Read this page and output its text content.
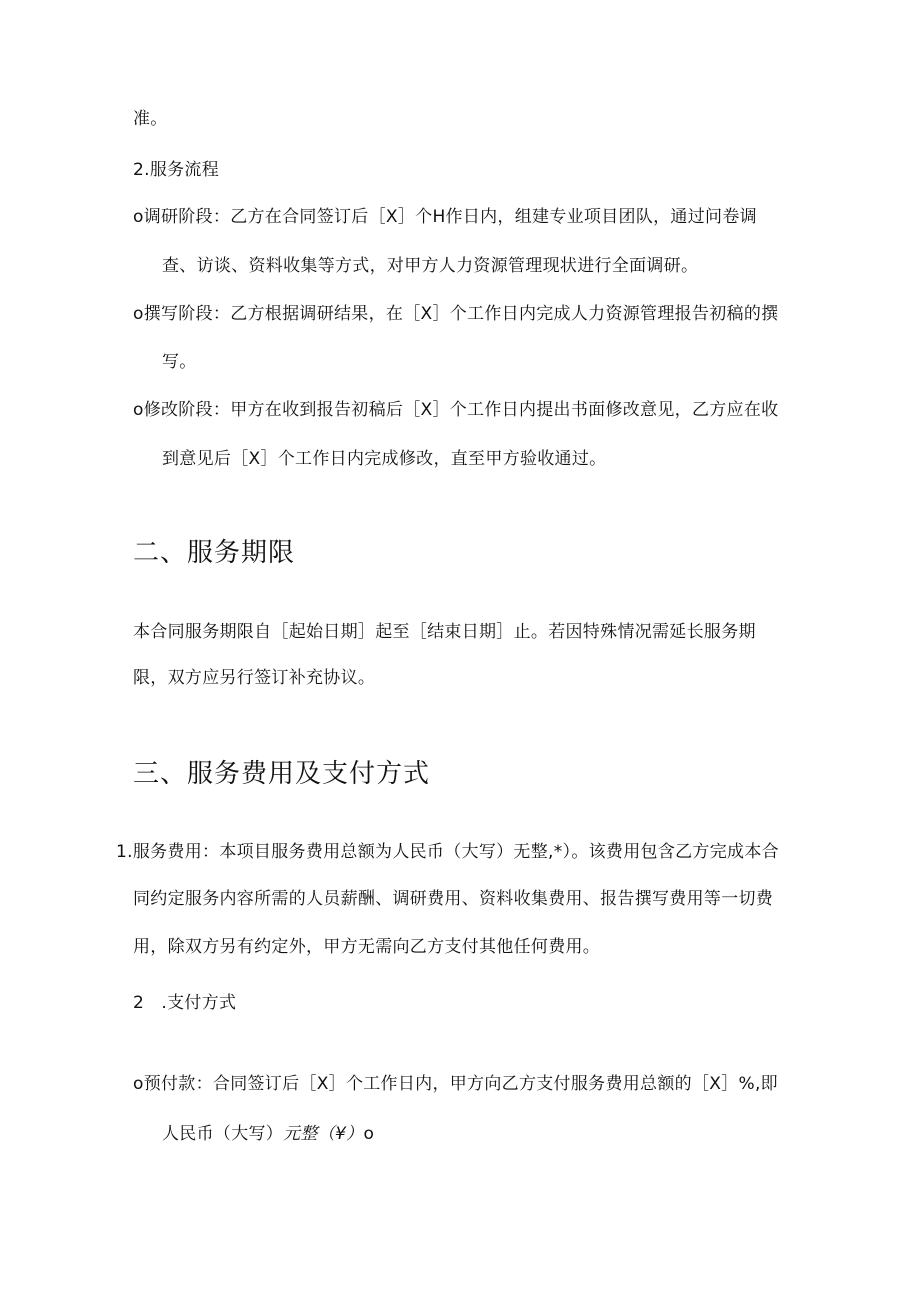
准。
2.服务流程
o调研阶段：乙方在合同签订后［X］个H作日内，组建专业项目团队，通过问卷调
查、访谈、资料收集等方式，对甲方人力资源管理现状进行全面调研。
o撰写阶段：乙方根据调研结果，在［X］个工作日内完成人力资源管理报告初稿的撰
写。
o修改阶段：甲方在收到报告初稿后［X］个工作日内提出书面修改意见，乙方应在收
到意见后［X］个工作日内完成修改，直至甲方验收通过。
二、服务期限
本合同服务期限自［起始日期］起至［结束日期］止。若因特殊情况需延长服务期
限，双方应另行签订补充协议。
三、服务费用及支付方式
1.服务费用：本项目服务费用总额为人民币（大写）无整,*）。该费用包含乙方完成本合
同约定服务内容所需的人员薪酬、调研费用、资料收集费用、报告撰写费用等一切费
用，除双方另有约定外，甲方无需向乙方支付其他任何费用。
2　.支付方式
o预付款：合同签订后［X］个工作日内，甲方向乙方支付服务费用总额的［X］%,即
人民币（大写）元整（¥）o
